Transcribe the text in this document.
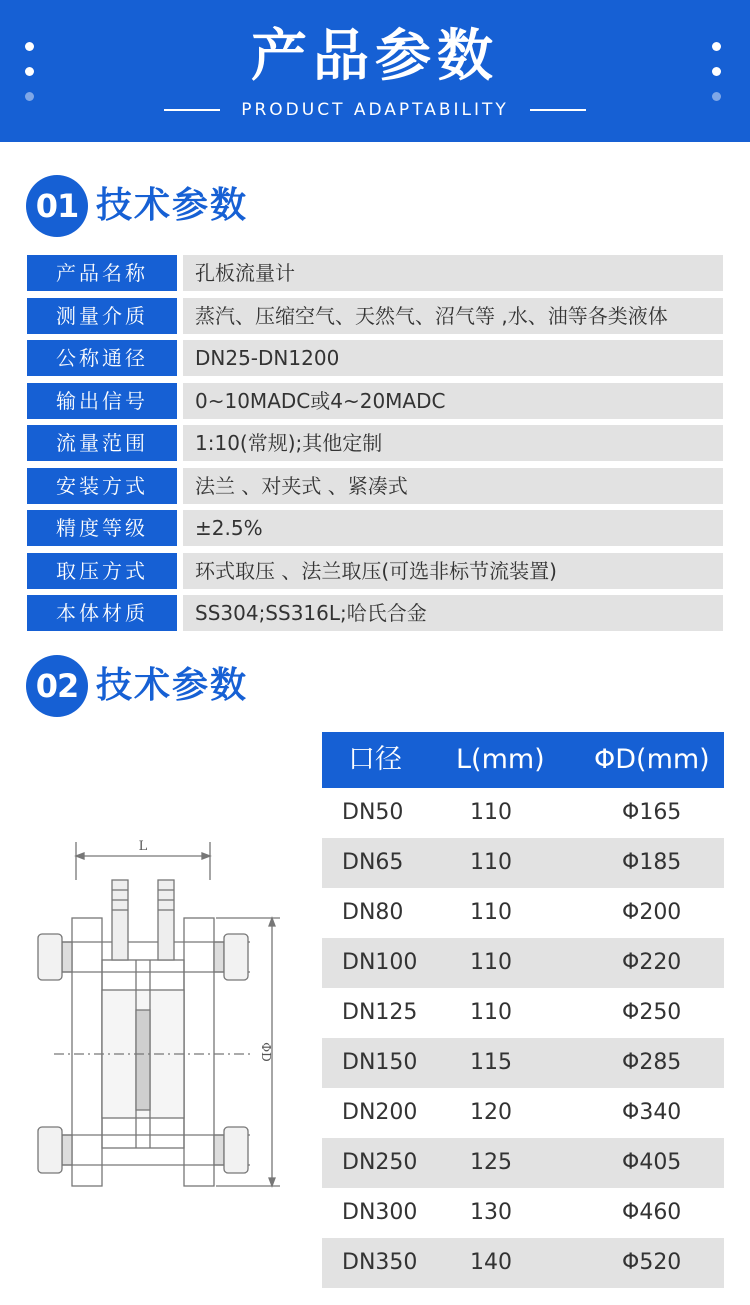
产品参数
PRODUCT ADAPTABILITY
01 技术参数
产品名称	孔板流量计
测量介质	蒸汽、压缩空气、天然气、沼气等 ,水、油等各类液体
公称通径	DN25-DN1200
输出信号	0~10MADC或4~20MADC
流量范围	1:10(常规);其他定制
安装方式	法兰 、对夹式 、紧凑式
精度等级	±2.5%
取压方式	环式取压 、法兰取压(可选非标节流装置)
本体材质	SS304;SS316L;哈氏合金
02 技术参数
L
ΦD
口径 L(mm) ΦD(mm)
DN50	110	Φ165
DN65	110	Φ185
DN80	110	Φ200
DN100 110	Φ220
DN125 110	Φ250
DN150 115	Φ285
DN200 120	Φ340
DN250 125	Φ405
DN300 130	Φ460
DN350 140	Φ520
